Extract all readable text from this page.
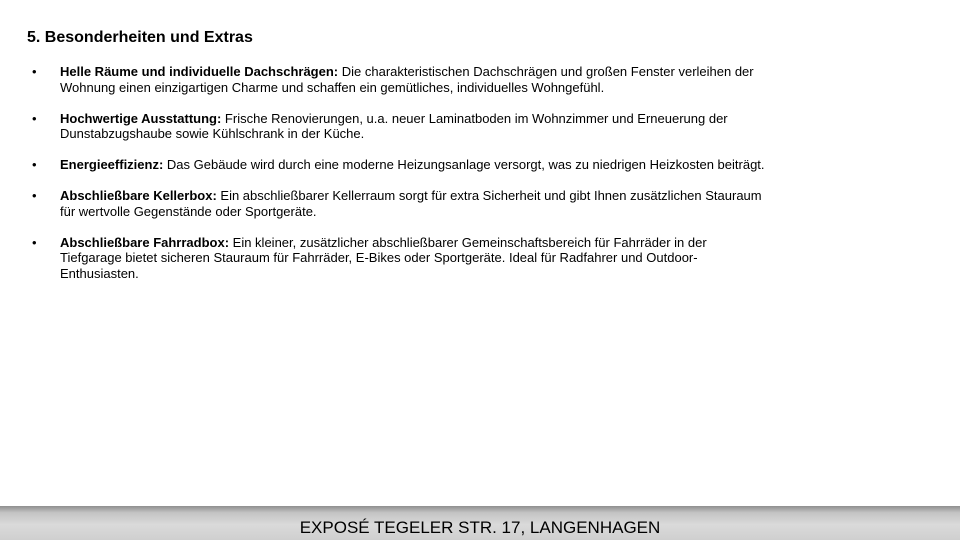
5. Besonderheiten und Extras
• Helle Räume und individuelle Dachschrägen: Die charakteristischen Dachschrägen und großen Fenster verleihen der Wohnung einen einzigartigen Charme und schaffen ein gemütliches, individuelles Wohngefühl.
• Hochwertige Ausstattung: Frische Renovierungen, u.a. neuer Laminatboden im Wohnzimmer und Erneuerung der Dunstabzugshaube sowie Kühlschrank in der Küche.
• Energieeffizienz: Das Gebäude wird durch eine moderne Heizungsanlage versorgt, was zu niedrigen Heizkosten beiträgt.
• Abschließbare Kellerbox: Ein abschließbarer Kellerraum sorgt für extra Sicherheit und gibt Ihnen zusätzlichen Stauraum für wertvolle Gegenstände oder Sportgeräte.
• Abschließbare Fahrradbox: Ein kleiner, zusätzlicher abschließbarer Gemeinschaftsbereich für Fahrräder in der Tiefgarage bietet sicheren Stauraum für Fahrräder, E-Bikes oder Sportgeräte. Ideal für Radfahrer und Outdoor-Enthusiasten.
EXPOSÉ TEGELER STR. 17, LANGENHAGEN
